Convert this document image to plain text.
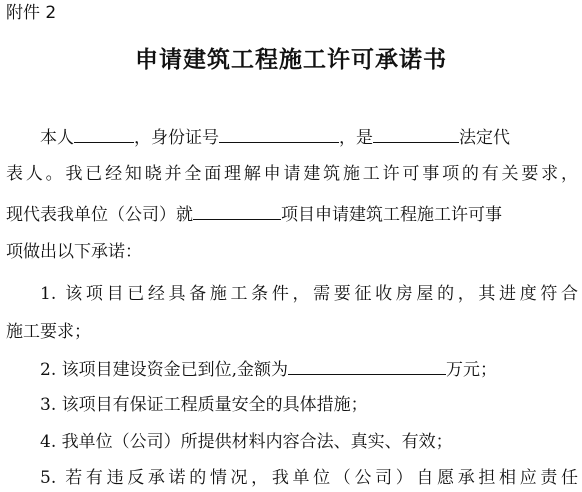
附件 2
申请建筑工程施工许可承诺书
本人	，身份证号	，是	法定代
表人。我已经知晓并全面理解申请建筑施工许可事项的有关要求，
现代表我单位（公司）就	项目申请建筑工程施工许可事
项做出以下承诺：
1. 该项目已经具备施工条件，需要征收房屋的，其进度符合
施工要求；
2. 该项目建设资金已到位,金额为	万元；
3. 该项目有保证工程质量安全的具体措施；
4. 我单位（公司）所提供材料内容合法、真实、有效；
5. 若有违反承诺的情况，我单位（公司）自愿承担相应责任
